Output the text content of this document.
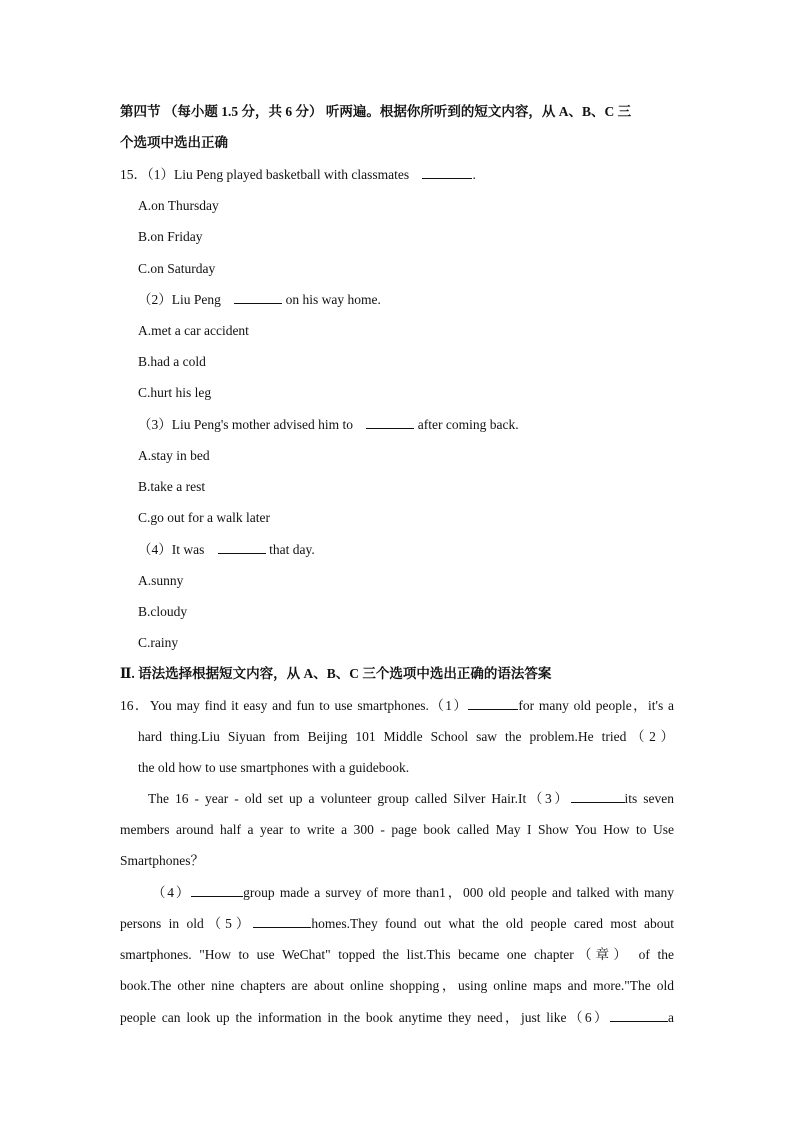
第四节 （每小题 1.5 分，共 6 分） 听两遍。根据你所听到的短文内容，从 A、B、C 三
个选项中选出正确
15．（1）Liu Peng played basketball with classmates	.
A.on Thursday
B.on Friday
C.on Saturday
（2）Liu Peng	on his way home.
A.met a car accident
B.had a cold
C.hurt his leg
（3）Liu Peng's mother advised him to	after coming back.
A.stay in bed
B.take a rest
C.go out for a walk later
（4）It was	that day.
A.sunny
B.cloudy
C.rainy
Ⅱ. 语法选择根据短文内容，从 A、B、C 三个选项中选出正确的语法答案
16．You may find it easy and fun to use smartphones.（1）	for many old people，it's a
hard thing.Liu Siyuan from Beijing 101 Middle School saw the problem.He tried（2）
the old how to use smartphones with a guidebook.
The 16 - year - old set up a volunteer group called Silver Hair.It（3）	its seven
members around half a year to write a 300 - page book called May I Show You How to Use
Smartphones？
（4）	group made a survey of more than1，000 old people and talked with many
persons in old（5）	homes.They found out what the old people cared most about
smartphones. "How to use WeChat" topped the list.This became one chapter（章） of the
book.The other nine chapters are about online shopping，using online maps and more."The old
people can look up the information in the book anytime they need，just like（6）	a
